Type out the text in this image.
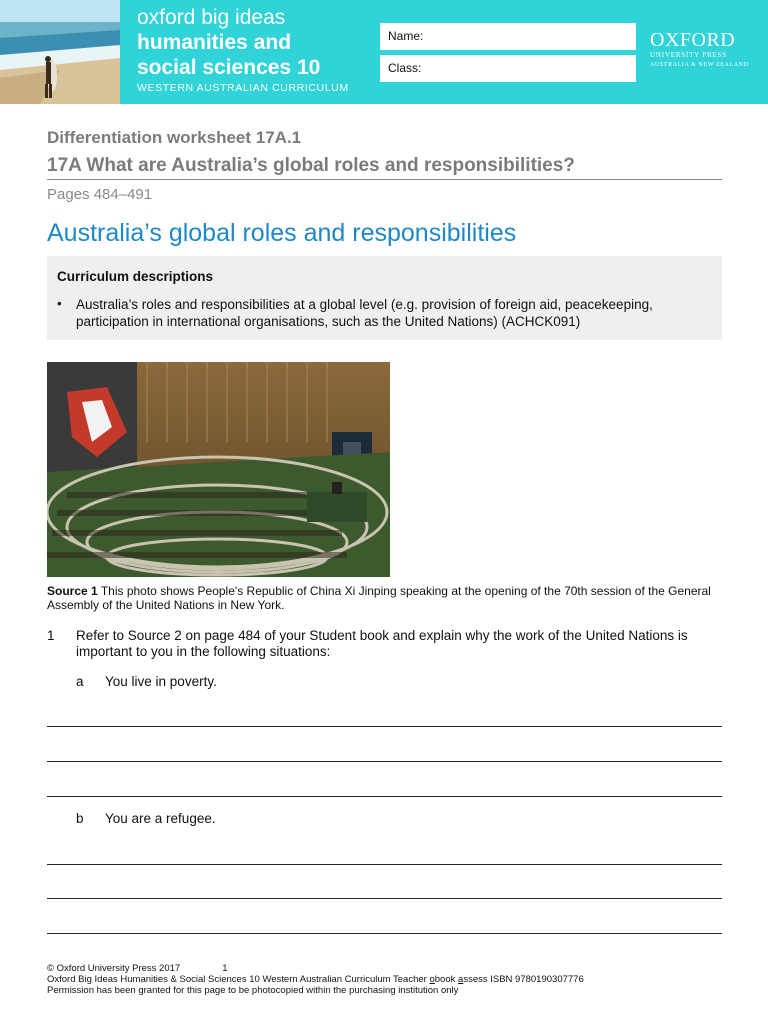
oxford big ideas
humanities and
social sciences 10
WESTERN AUSTRALIAN CURRICULUM
Name:
Class:
OXFORD
UNIVERSITY PRESS
AUSTRALIA & NEW ZEALAND
Differentiation worksheet 17A.1
17A What are Australia’s global roles and responsibilities?
Pages 484–491
Australia’s global roles and responsibilities
Curriculum descriptions
• Australia’s roles and responsibilities at a global level (e.g. provision of foreign aid, peacekeeping, participation in international organisations, such as the United Nations) (ACHCK091)
Source 1 This photo shows People's Republic of China Xi Jinping speaking at the opening of the 70th session of the General Assembly of the United Nations in New York.
1 Refer to Source 2 on page 484 of your Student book and explain why the work of the United Nations is important to you in the following situations:
a You live in poverty.
b You are a refugee.
© Oxford University Press 2017	1
Oxford Big Ideas Humanities & Social Sciences 10 Western Australian Curriculum Teacher obook assess ISBN 9780190307776
Permission has been granted for this page to be photocopied within the purchasing institution only
